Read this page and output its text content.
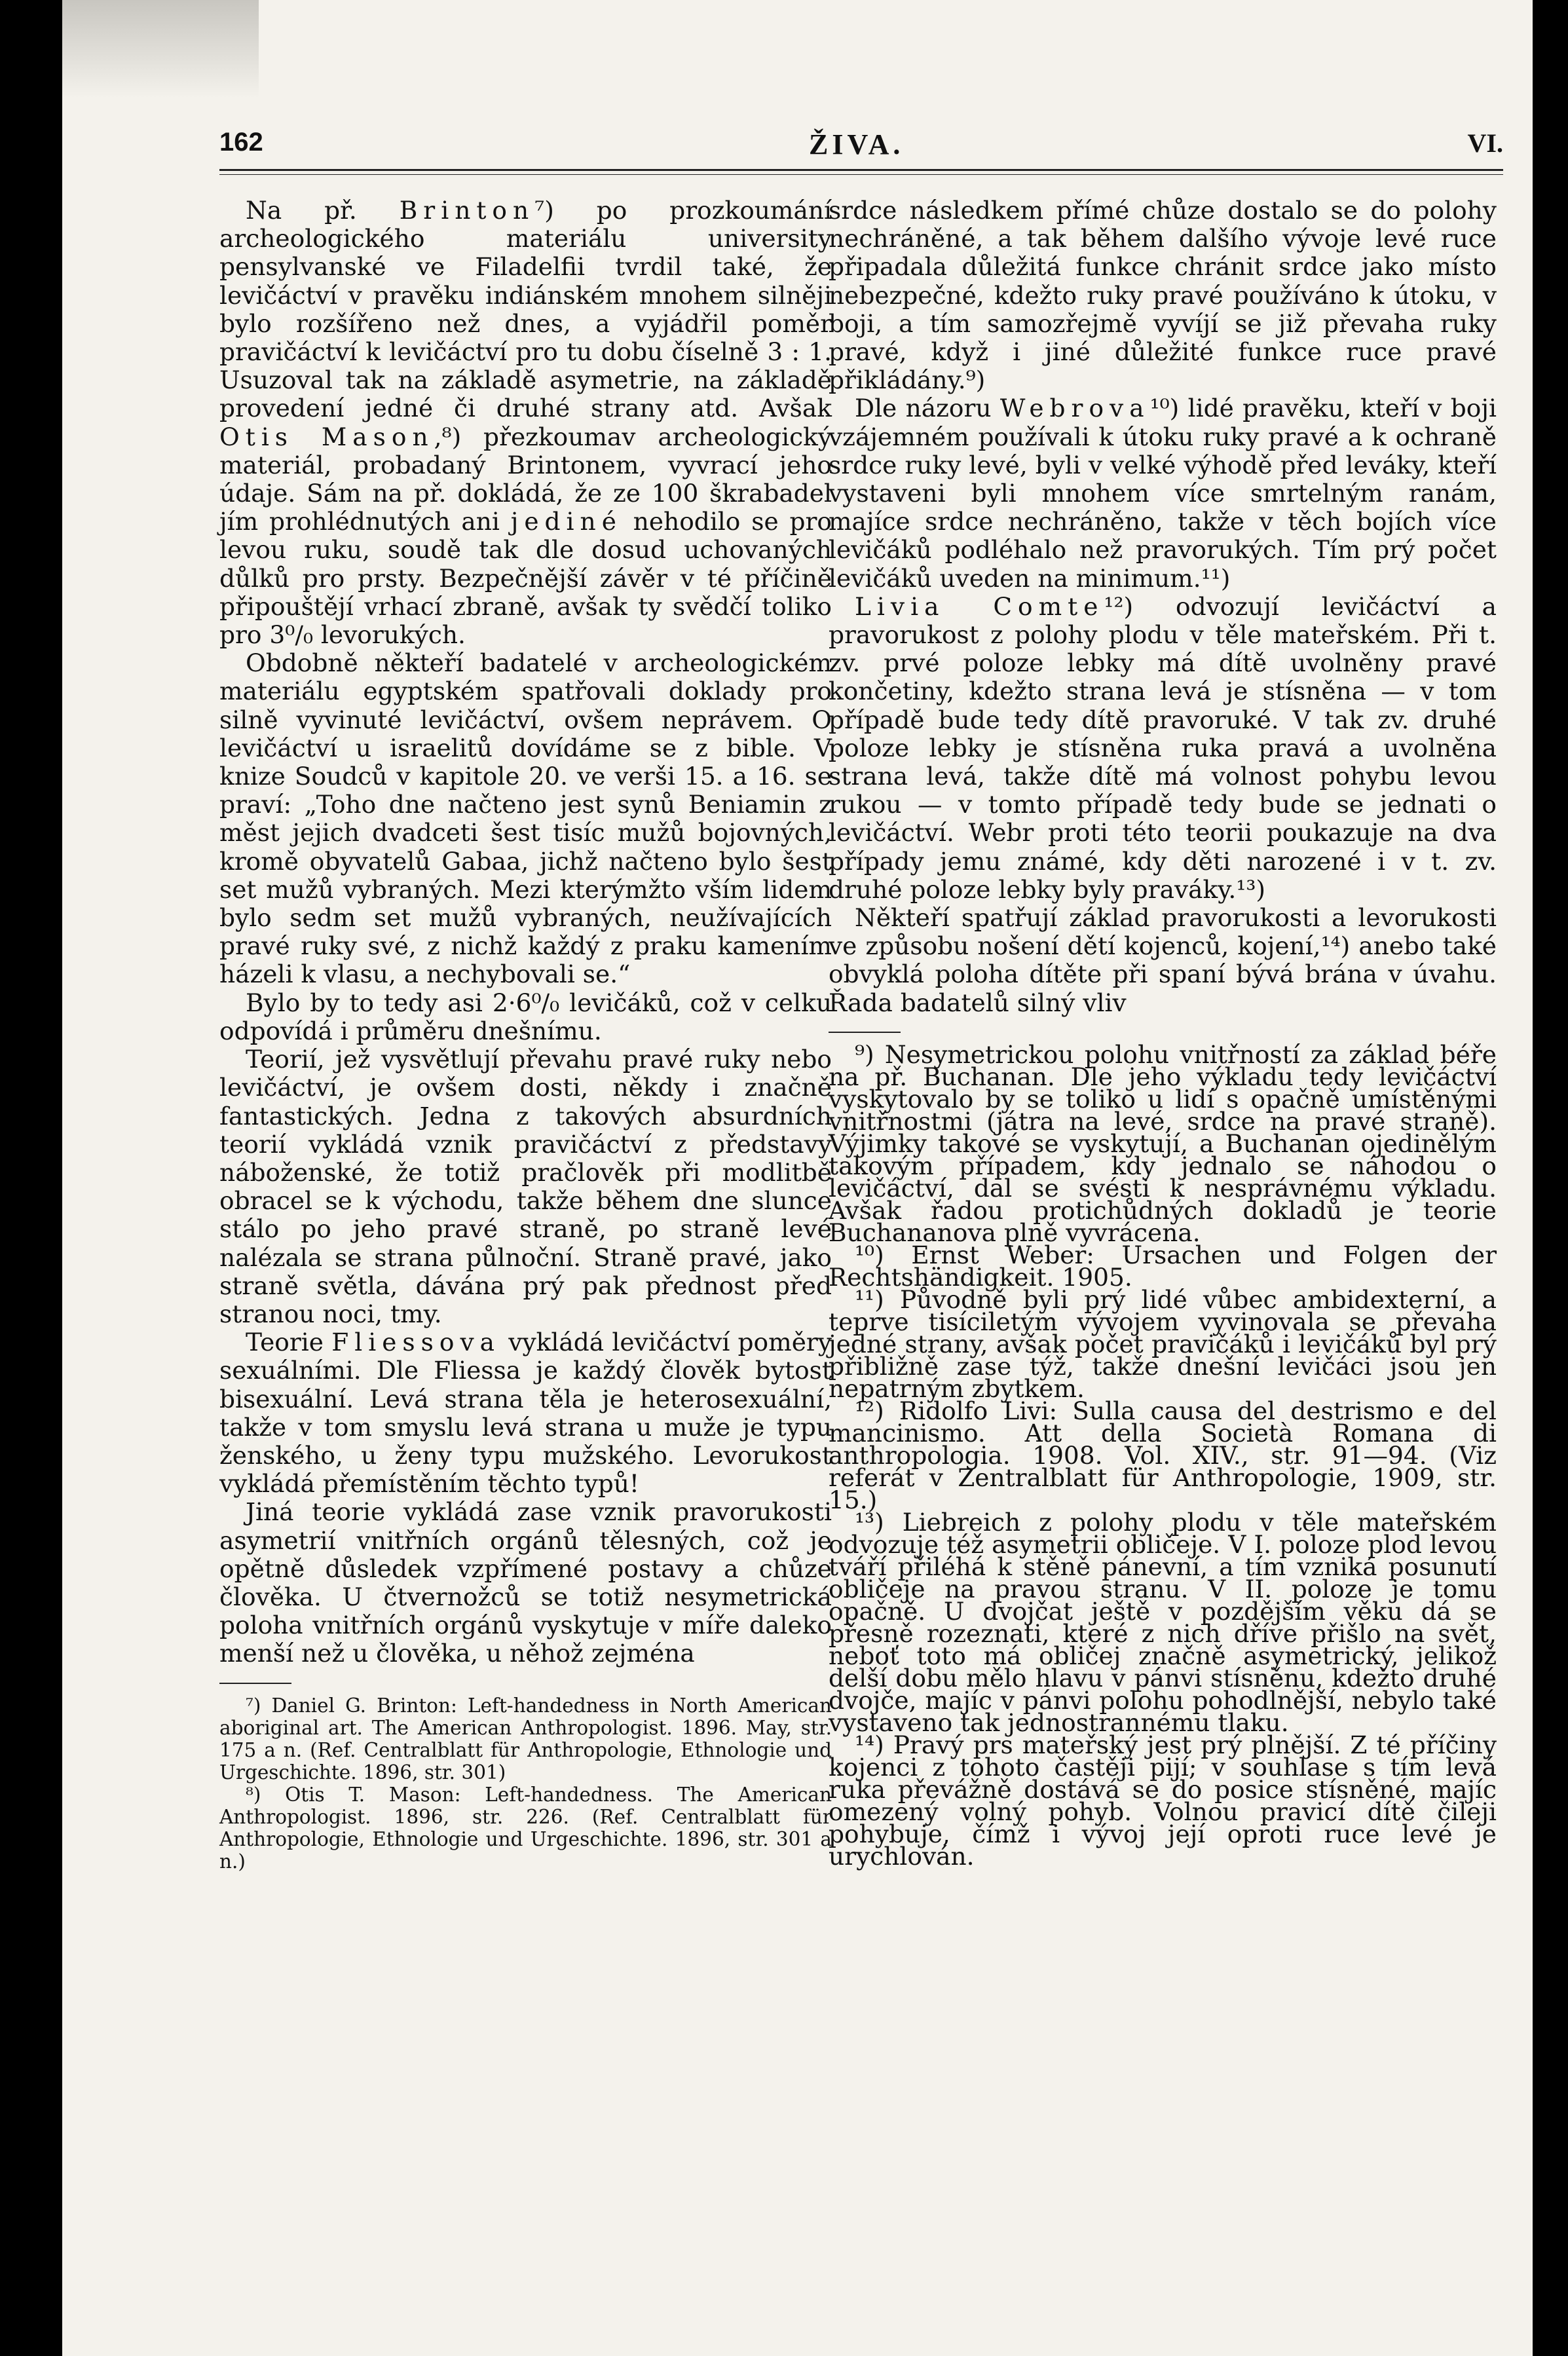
162	ŽIVA.	VI.

Na př. Brinton⁷) po prozkoumání archeologického materiálu university pensylvanské ve Filadelfii tvrdil také, že levičáctví v pravěku indiánském mnohem silněji bylo rozšířeno než dnes, a vyjádřil poměr pravičáctví k levičáctví pro tu dobu číselně 3 : 1. Usuzoval tak na základě asymetrie, na základě provedení jedné či druhé strany atd. Avšak Otis Mason,⁸) přezkoumav archeologický materiál, probadaný Brintonem, vyvrací jeho údaje. Sám na př. dokládá, že ze 100 škrabadel jím prohlédnutých ani jediné nehodilo se pro levou ruku, soudě tak dle dosud uchovaných důlků pro prsty. Bezpečnější závěr v té příčině připouštějí vrhací zbraně, avšak ty svědčí toliko pro 3⁰/₀ levorukých.

Obdobně někteří badatelé v archeologickém materiálu egyptském spatřovali doklady pro silně vyvinuté levičáctví, ovšem neprávem. O levičáctví u israelitů dovídáme se z bible. V knize Soudců v kapitole 20. ve verši 15. a 16. se praví: „Toho dne načteno jest synů Beniamin z měst jejich dvadceti šest tisíc mužů bojovných, kromě obyvatelů Gabaa, jichž načteno bylo šest set mužů vybraných. Mezi kterýmžto vším lidem bylo sedm set mužů vybraných, neužívajících pravé ruky své, z nichž každý z praku kamením házeli k vlasu, a nechybovali se.“

Bylo by to tedy asi 2·6⁰/₀ levičáků, což v celku odpovídá i průměru dnešnímu.

Teorií, jež vysvětlují převahu pravé ruky nebo levičáctví, je ovšem dosti, někdy i značně fantastických. Jedna z takových absurdních teorií vykládá vznik pravičáctví z představy náboženské, že totiž pračlověk při modlitbě obracel se k východu, takže během dne slunce stálo po jeho pravé straně, po straně levé nalézala se strana půlnoční. Straně pravé, jako straně světla, dávána prý pak přednost před stranou noci, tmy.

Teorie Fliessova vykládá levičáctví poměry sexuálními. Dle Fliessa je každý člověk bytost bisexuální. Levá strana těla je heterosexuální, takže v tom smyslu levá strana u muže je typu ženského, u ženy typu mužského. Levorukost vykládá přemístěním těchto typů!

Jiná teorie vykládá zase vznik pravorukosti asymetrií vnitřních orgánů tělesných, což je opětně důsledek vzpřímené postavy a chůze člověka. U čtvernožců se totiž nesymetrická poloha vnitřních orgánů vyskytuje v míře daleko menší než u člověka, u něhož zejména

⁷) Daniel G. Brinton: Left-handedness in North American aboriginal art. The American Anthropologist. 1896. May, str. 175 a n. (Ref. Centralblatt für Anthropologie, Ethnologie und Urgeschichte. 1896, str. 301)

⁸) Otis T. Mason: Left-handedness. The American Anthropologist. 1896, str. 226. (Ref. Centralblatt für Anthropologie, Ethnologie und Urgeschichte. 1896, str. 301 a n.)

srdce následkem přímé chůze dostalo se do polohy nechráněné, a tak během dalšího vývoje levé ruce připadala důležitá funkce chránit srdce jako místo nebezpečné, kdežto ruky pravé používáno k útoku, v boji, a tím samozřejmě vyvíjí se již převaha ruky pravé, když i jiné důležité funkce ruce pravé přikládány.⁹)

Dle názoru Webrova¹⁰) lidé pravěku, kteří v boji vzájemném používali k útoku ruky pravé a k ochraně srdce ruky levé, byli v velké výhodě před leváky, kteří vystaveni byli mnohem více smrtelným ranám, majíce srdce nechráněno, takže v těch bojích více levičáků podléhalo než pravorukých. Tím prý počet levičáků uveden na minimum.¹¹)

Livia Comte¹²) odvozují levičáctví a pravorukost z polohy plodu v těle mateřském. Při t. zv. prvé poloze lebky má dítě uvolněny pravé končetiny, kdežto strana levá je stísněna — v tom případě bude tedy dítě pravoruké. V tak zv. druhé poloze lebky je stísněna ruka pravá a uvolněna strana levá, takže dítě má volnost pohybu levou rukou — v tomto případě tedy bude se jednati o levičáctví. Webr proti této teorii poukazuje na dva případy jemu známé, kdy děti narozené i v t. zv. druhé poloze lebky byly praváky.¹³)

Někteří spatřují základ pravorukosti a levorukosti ve způsobu nošení dětí kojenců, kojení,¹⁴) anebo také obvyklá poloha dítěte při spaní bývá brána v úvahu. Řada badatelů silný vliv

⁹) Nesymetrickou polohu vnitřností za základ béře na př. Buchanan. Dle jeho výkladu tedy levičáctví vyskytovalo by se toliko u lidí s opačně umístěnými vnitřnostmi (játra na levé, srdce na pravé straně). Výjimky takové se vyskytují, a Buchanan ojedinělým takovým případem, kdy jednalo se náhodou o levičáctví, dal se svésti k nesprávnému výkladu. Avšak řadou protichůdných dokladů je teorie Buchananova plně vyvrácena.

¹⁰) Ernst Weber: Ursachen und Folgen der Rechtshändigkeit. 1905.

¹¹) Původně byli prý lidé vůbec ambidexterní, a teprve tisíciletým vývojem vyvinovala se převaha jedné strany, avšak počet pravičáků i levičáků byl prý přibližně zase týž, takže dnešní levičáci jsou jen nepatrným zbytkem.

¹²) Ridolfo Livi: Sulla causa del destrismo e del mancinismo. Att della Società Romana di anthropologia. 1908. Vol. XIV., str. 91—94. (Viz referát v Zentralblatt für Anthropologie, 1909, str. 15.)

¹³) Liebreich z polohy plodu v těle mateřském odvozuje též asymetrii obličeje. V I. poloze plod levou tváří přiléhá k stěně pánevní, a tím vzniká posunutí obličeje na pravou stranu. V II. poloze je tomu opačně. U dvojčat ještě v pozdějším věku dá se přesně rozeznati, které z nich dříve přišlo na svět, neboť toto má obličej značně asymetrický, jelikož delší dobu mělo hlavu v pánvi stísněnu, kdežto druhé dvojče, majíc v pánvi polohu pohodlnější, nebylo také vystaveno tak jednostrannému tlaku.

¹⁴) Pravý prs mateřský jest prý plnější. Z té příčiny kojenci z tohoto častěji pijí; v souhlase s tím levá ruka převážně dostává se do posice stísněné, majíc omezený volný pohyb. Volnou pravicí dítě čileji pohybuje, čímž i vývoj její oproti ruce levé je urychlován.
